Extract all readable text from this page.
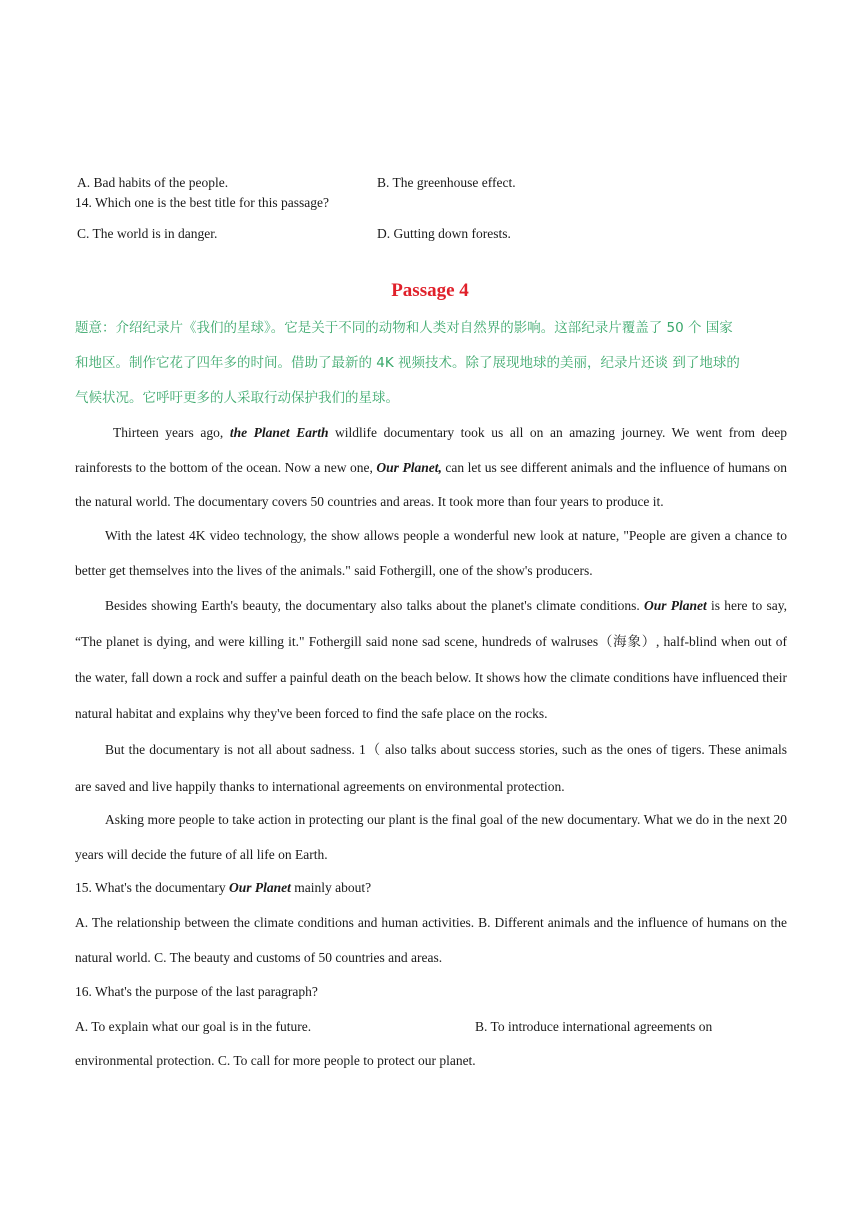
A. Bad habits of the people.	B. The greenhouse effect.
14. Which one is the best title for this passage?
C. The world is in danger.	D. Gutting down forests.
Passage 4
题意：介绍纪录片《我们的星球》。它是关于不同的动物和人类对自然界的影响。这部纪录片覆盖了 50 个 国家
和地区。制作它花了四年多的时间。借助了最新的 4K 视频技术。除了展现地球的美丽，纪录片还谈 到了地球的
气候状况。它呼吁更多的人采取行动保护我们的星球。
Thirteen years ago, the Planet Earth wildlife documentary took us all on an amazing journey. We went from deep rainforests to the bottom of the ocean. Now a new one, Our Planet, can let us see different animals and the influence of humans on the natural world. The documentary covers 50 countries and areas. It took more than four years to produce it.
With the latest 4K video technology, the show allows people a wonderful new look at nature, "People are given a chance to better get themselves into the lives of the animals." said Fothergill, one of the show's producers.
Besides showing Earth's beauty, the documentary also talks about the planet's climate conditions. Our Planet is here to say, “The planet is dying, and were killing it." Fothergill said none sad scene, hundreds of walruses（海象）, half-blind when out of the water, fall down a rock and suffer a painful death on the beach below. It shows how the climate conditions have influenced their natural habitat and explains why they've been forced to find the safe place on the rocks.
But the documentary is not all about sadness. 1（ also talks about success stories, such as the ones of tigers. These animals are saved and live happily thanks to international agreements on environmental protection.
Asking more people to take action in protecting our plant is the final goal of the new documentary. What we do in the next 20 years will decide the future of all life on Earth.
15. What's the documentary Our Planet mainly about?
A. The relationship between the climate conditions and human activities. B. Different animals and the influence of humans on the natural world. C. The beauty and customs of 50 countries and areas.
16. What's the purpose of the last paragraph?
A. To explain what our goal is in the future.	B. To introduce international agreements on
environmental protection. C. To call for more people to protect our planet.
